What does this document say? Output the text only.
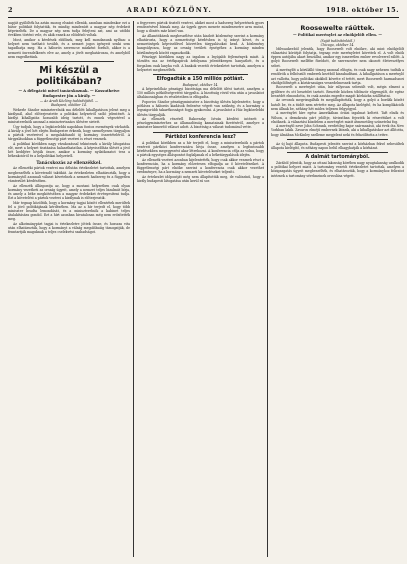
2	ARADI KÖZLÖNY.	1918. október 15.

napját gyűlölték ha aztán mozog elszánt ellenük, azonban mindenkor ezt a bátor politikát folytatták, és mindig mindenütt a magyar nép érdekeit képviselték. De a magyar nép nem tudja felejteni azt, ami az utóbbi években történt vele, és akik ennek az előidézői voltak.

Most, amikor a kérdések eldőlnek, meg kell mondanunk nyíltan: a helyzet nem tartható tovább, és a nemzet jogos igényeit senki sem tagadhatja meg. Ha a háborús szerencse másként fordult, akkor is a nemzeti önrendelkezés elve az, amely a jövőt meghatározza, és amelyből nem engedhetünk.

Mi készül a politikában?
— A délegáció mivel tanácskoznak. — Kossuthetve Budapestre jön a király. —
— Az Aradi Közlöny tudósítójától. —
Budapest, október 14.

Wekerle Sándor miniszterelnök ma délelőtt kihallgatáson jelent meg a királynál, ahol előterjesztette a politikai helyzetről szóló jelentését. A királyi kihallgatás hosszabb ideig tartott, és ennek végeztével a miniszterelnök azonnal a minisztertanács ülésére sietett.

Úgy tudjuk, hogy a legközelebbi napokban fontos események várhatók. A király a jövő hét elején Budapestre érkezik, hogy személyesen tárgyaljon a pártok vezéreivel a megalakítandó új kormány összetételéről. A tárgyalásokban a függetlenségi párt vezérei is részt vesznek.

A politikai körökben nagy várakozással tekintenek a király látogatása elé, mert a helyzet tisztázása halaszthatatlan. A képviselőház ülését a jövő hét keddjére hívják össze, amikor a kormány nyilatkozatot tesz a békeakcióról és a belpolitikai helyzetről.

Tanácskozás az ellenzékkel.

Az ellenzéki pártok vezérei ma délután értekezletet tartottak, amelyen megbeszélték a követendő taktikát. Az értekezleten elhatározták, hogy a kormánytól azonnali választ követelnek a nemzeti hadsereg és a független vámterület kérdésében.

Az ellenzék álláspontja az, hogy a mostani helyzetben csak olyan kormány vezetheti az ország ügyeit, amely a nemzet teljes bizalmát bírja, és amely a béke megkötésében a magyar érdekeket érvényesíteni tudja. Ezt a követelést a pártok vezérei a királynak is előterjesztik.

Már tegnap közöltük, hogy a kormány tagjai között ellentétek merültek fel a jövő politikájának kérdésében. Ma az a hír terjedt el, hogy több miniszter beadta lemondását, és a miniszterelnök a kabinet teljes átalakítására gondol. Ezt a hírt azonban hivatalosan még nem erősítették meg.

Az alkotmánypárt tagjai is értekezletre jöttek össze, és hosszas vita után elhatározták, hogy a kormányt a válság megoldásáig támogatják, de fenntartják maguknak a teljes cselekvési szabadságot.

a fegyveres pártok tisztelt vezérei, akiket most a hadsereg helyzetének gyors rendezésével bíznak meg. Az ügyek gyors menete mindenesetre arra mutat, hogy a döntés már közel van.

Az államtitkárok megbeszélése után kiadott közlemény szerint a kormány elhatározta, hogy a nemzetiségi kérdésben is új irányt követ, és a nemzetiségek képviselőivel közvetlen tárgyalásokat kezd. A közlemény hangsúlyozza, hogy az ország területi épségéhez a kormány minden körülmények között ragaszkodik.

Pénzügyi körökben nagy az izgalom a legújabb fejlemények miatt. A tőzsdén ma az értékpapírok árfolyama jelentékenyen hanyatlott, és a forgalom csak lanyha volt. A bankok vezetői értekezletet tartottak, amelyen a helyzetet megbeszélték.

Elfogadták a 150 milliós pótlást.
Budapest, október 14.

A képviselőház pénzügyi bizottsága ma délelőtt ülést tartott, amelyen a 150 milliós pótköltségvetést tárgyalta. A bizottság rövid vita után a javaslatot általánosságban és részleteiben is elfogadta.

Popovics Sándor pénzügyminiszter a bizottság ülésén kijelentette, hogy a pótlásra a háborús kiadások fedezése végett van szükség, és a kormány a legszigorúbb takarékosságot fogja gyakorolni. A javaslatot a Ház legközelebbi ülésén tárgyalják.

Az ellenzék részéről Rakovszky István kérdést intézett a pénzügyminiszterhez az államadósság kamatainak fizetéséről, amelyre a miniszter kimerítő választ adott. A bizottság a választ tudomásul vette.

Pártközi konferencia lesz?

A politikai körökben az a hír terjedt el, hogy a miniszterelnök a pártok vezéreit pártközi konferenciára hívja össze, amelyen a legfontosabb kérdésekben megegyezést akar létrehozni. A konferencia célja az volna, hogy a pártok egységes álláspontot foglaljanak el a béketárgyalások idején.

Az ellenzék vezérei azonban kijelentették, hogy csak akkor vesznek részt a konferencián, ha a kormány előzetesen elfogadja az ő követeléseiket. A függetlenségi párt elnöke szerint a konferencia csak akkor vezethet eredményre, ha a kormány a nemzeti követeléseket teljesíti.

Az értekezlet időpontját még nem állapították meg, de valószínű, hogy a király budapesti látogatása után kerül rá sor.

Roosewelte ráüttek.
— Politikai merénylet az elnökjelölt ellen. —
(Saját tudósítónktól.)
Chicago, október 14.

Milwaukeeból jelentik, hogy Roosewelt volt elnökre, aki mint elnökjelölt választási körútját folytatja, tegnap este merényletet követtek el. A volt elnök éppen autójába akart beszállni, amikor egy ismeretlen ember revolverrel rálőtt. A golyó Roosewelt mellébe fúródott, de szerencsére nem okozott életveszélyes sebet.

A merénylőt a körülálló tömeg azonnal elfogta, és csak nagy nehezen tudták a rendőrök a felbőszült emberek kezéből kiszabadítani. A kihallgatáson a merénylő azt vallotta, hogy politikai okokból követte el tettét, mert Roosewelt harmadszori elnökjelöltségét a köztársaságra veszedelmesnek tartja.

Roosewelt a merénylet után, bár súlyosan sebesült volt, mégis elment a gyűlésre és ott beszédet tartott. Beszéde közben többször elgyengült, de egész beszédét elmondotta, és csak azután engedte magát kórházba szállíttatni.

Az orvosok megvizsgálták és megállapították, hogy a golyó a bordák között hatolt be, és a tüdőt nem sértette meg. Az állapota kielégítő, és ha komplikációk nem állnak be, néhány hét múlva teljesen felgyógyul.

A merénylet híre egész Amerikában óriási izgalmat keltett. Taft elnök és Wilson, a demokrata párt jelöltje, táviratban fejezték ki részvétüket a volt elnöknek. A választási küzdelem a merénylet miatt átmenetileg szünetelni fog.

A merénylő neve John Schrank, eredetileg bajor származású, aki évek óta New Yorkban lakik. Zavaros elméjű embernek látszik, aki a kihallgatáskor azt állította, hogy álmában McKinley szelleme megjelent neki és felszólította a tettre.

Az új hajó állapota. Budapesti jelentés szerint a kórházban fekvő sebesültek állapota kielégítő, és néhány napon belül elhagyhatják a kórházat.

A dalmát tartományból.

Zárából jelentik, hogy az ottani lakosság körében nagy nyugtalanság uralkodik a politikai helyzet miatt. A tartomány vezetői értekezletet tartottak, amelyen a közigazgatás ügyeit megbeszélték, és elhatározták, hogy a kormányhoz feliratot intéznek a tartomány sérelmeinek orvoslása végett.
